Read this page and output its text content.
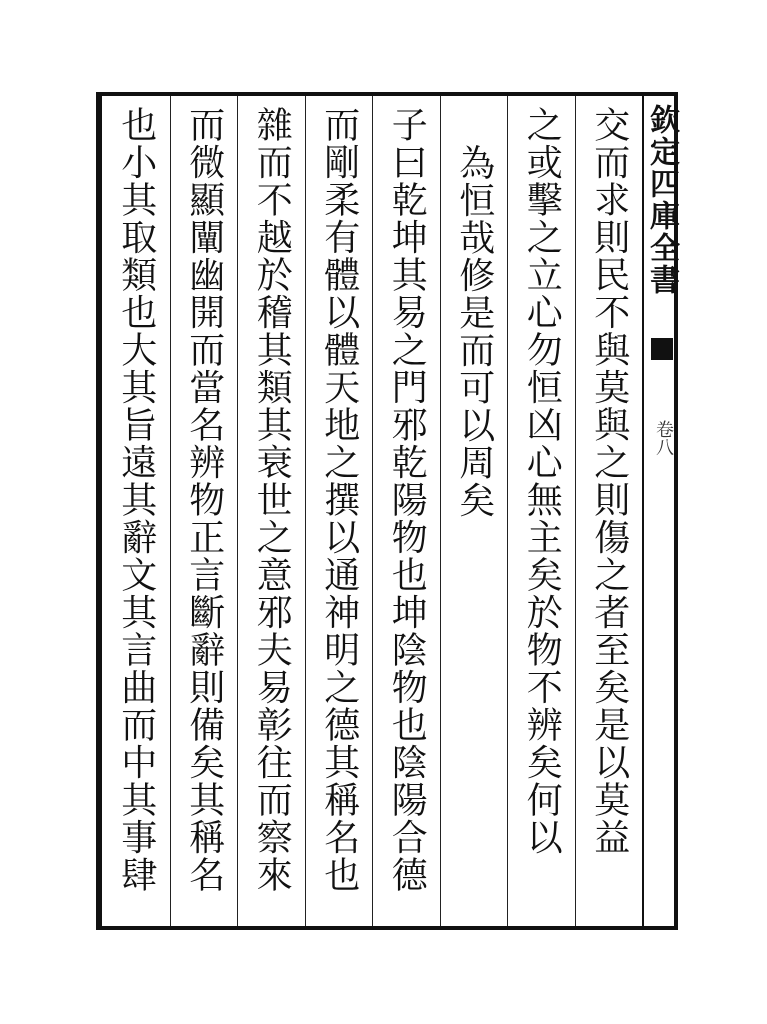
欽定四庫全書
卷八
交而求則民不與莫與之則傷之者至矣是以莫益
之或擊之立心勿恒凶心無主矣於物不辨矣何以
為恒哉修是而可以周矣
子曰乾坤其易之門邪乾陽物也坤陰物也陰陽合德
而剛柔有體以體天地之撰以通神明之德其稱名也
雜而不越於稽其類其衰世之意邪夫易彰往而察來
而微顯闡幽開而當名辨物正言斷辭則備矣其稱名
也小其取類也大其旨遠其辭文其言曲而中其事肆
